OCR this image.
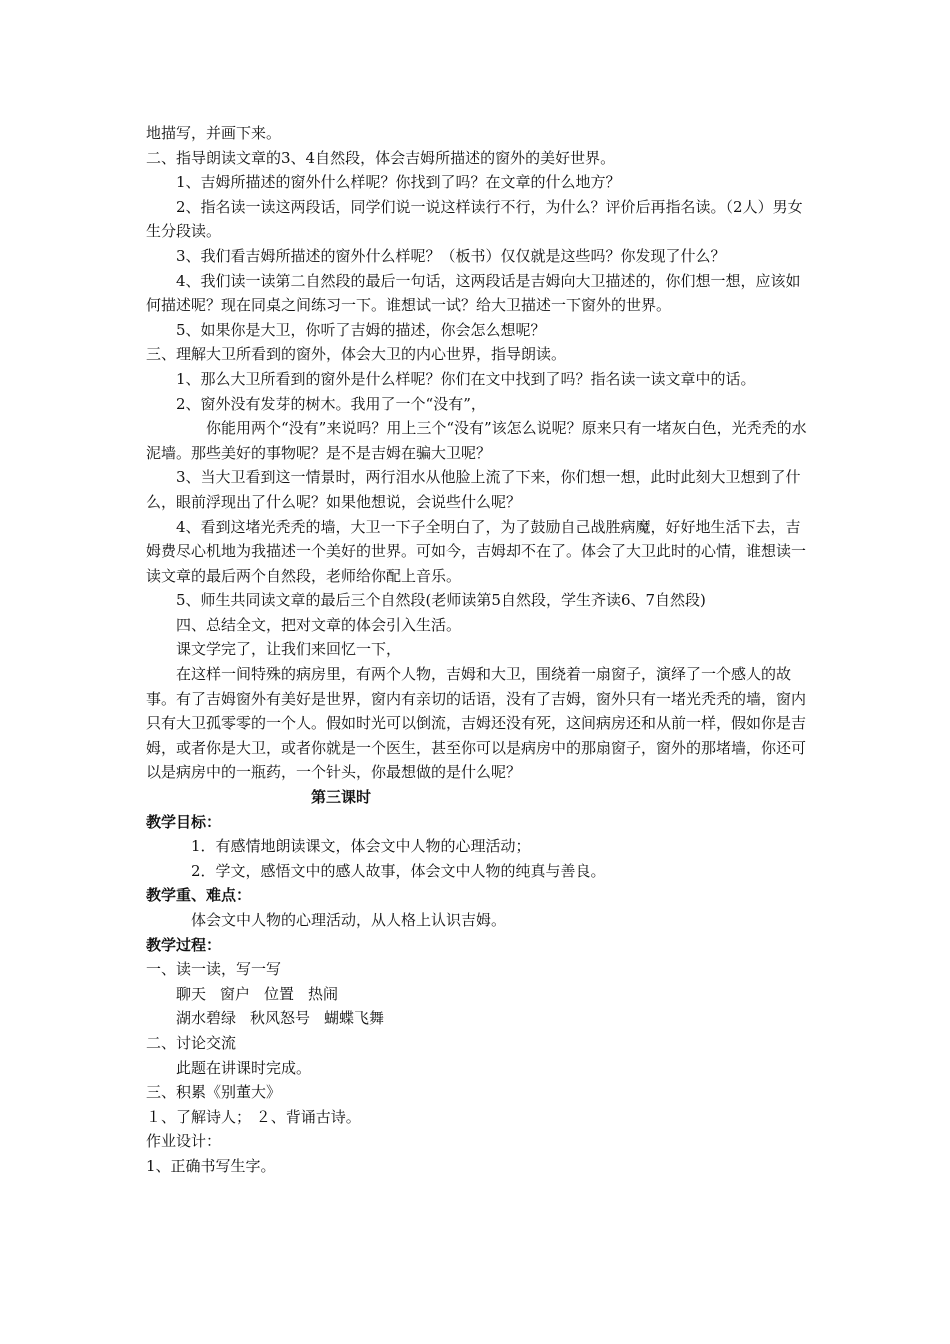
地描写，并画下来。

二、指导朗读文章的3、4自然段，体会吉姆所描述的窗外的美好世界。

1、吉姆所描述的窗外什么样呢？你找到了吗？在文章的什么地方？

2、指名读一读这两段话，同学们说一说这样读行不行，为什么？评价后再指名读。（2人）男女生分段读。

3、我们看吉姆所描述的窗外什么样呢？（板书）仅仅就是这些吗？你发现了什么？

4、我们读一读第二自然段的最后一句话，这两段话是吉姆向大卫描述的，你们想一想，应该如何描述呢？现在同桌之间练习一下。谁想试一试？给大卫描述一下窗外的世界。

5、如果你是大卫，你听了吉姆的描述，你会怎么想呢？

三、理解大卫所看到的窗外，体会大卫的内心世界，指导朗读。

1、那么大卫所看到的窗外是什么样呢？你们在文中找到了吗？指名读一读文章中的话。

2、窗外没有发芽的树木。我用了一个“没有”，

你能用两个“没有”来说吗？用上三个“没有”该怎么说呢？原来只有一堵灰白色，光秃秃的水泥墙。那些美好的事物呢？是不是吉姆在骗大卫呢？

3、当大卫看到这一情景时，两行泪水从他脸上流了下来，你们想一想，此时此刻大卫想到了什么，眼前浮现出了什么呢？如果他想说，会说些什么呢？

4、看到这堵光秃秃的墙，大卫一下子全明白了，为了鼓励自己战胜病魔，好好地生活下去，吉姆费尽心机地为我描述一个美好的世界。可如今，吉姆却不在了。体会了大卫此时的心情，谁想读一读文章的最后两个自然段，老师给你配上音乐。

5、师生共同读文章的最后三个自然段(老师读第5自然段，学生齐读6、7自然段)

四、总结全文，把对文章的体会引入生活。

课文学完了，让我们来回忆一下，

在这样一间特殊的病房里，有两个人物，吉姆和大卫，围绕着一扇窗子，演绎了一个感人的故事。有了吉姆窗外有美好是世界，窗内有亲切的话语，没有了吉姆，窗外只有一堵光秃秃的墙，窗内只有大卫孤零零的一个人。假如时光可以倒流，吉姆还没有死，这间病房还和从前一样，假如你是吉姆，或者你是大卫，或者你就是一个医生，甚至你可以是病房中的那扇窗子，窗外的那堵墙，你还可以是病房中的一瓶药，一个针头，你最想做的是什么呢？

第三课时

教学目标：

1．有感情地朗读课文，体会文中人物的心理活动；

2．学文，感悟文中的感人故事，体会文中人物的纯真与善良。

教学重、难点：

体会文中人物的心理活动，从人格上认识吉姆。

教学过程：

一、读一读，写一写

聊天 窗户 位置 热闹

湖水碧绿 秋风怒号 蝴蝶飞舞

二、讨论交流

此题在讲课时完成。

三、积累《别董大》

１、了解诗人； ２、背诵古诗。

作业设计：

1、正确书写生字。
